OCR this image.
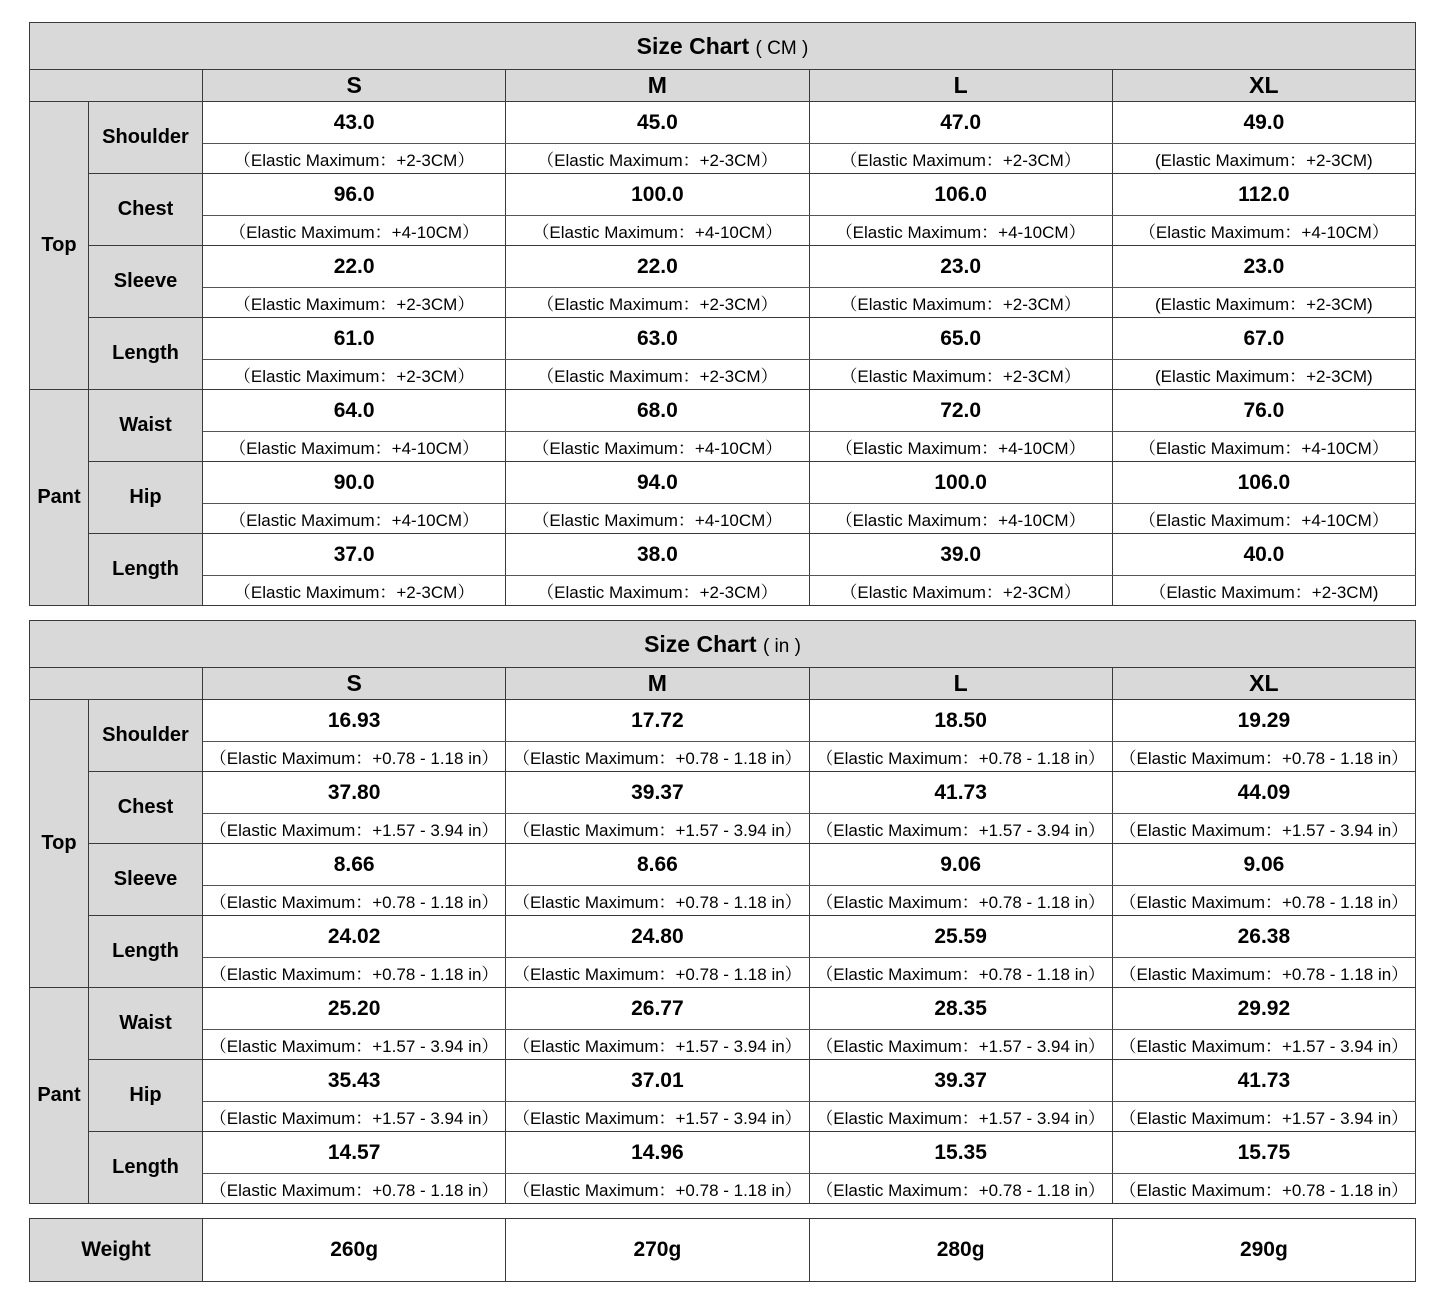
Size Chart ( CM )					
		S	M	L	XL
Top	Shoulder	43.0	45.0	47.0	49.0
		（Elastic Maximum：+2-3CM）	（Elastic Maximum：+2-3CM）	（Elastic Maximum：+2-3CM）	(Elastic Maximum：+2-3CM)
	Chest	96.0	100.0	106.0	112.0
		（Elastic Maximum：+4-10CM）	（Elastic Maximum：+4-10CM）	（Elastic Maximum：+4-10CM）	（Elastic Maximum：+4-10CM）
	Sleeve	22.0	22.0	23.0	23.0
		（Elastic Maximum：+2-3CM）	（Elastic Maximum：+2-3CM）	（Elastic Maximum：+2-3CM）	(Elastic Maximum：+2-3CM)
	Length	61.0	63.0	65.0	67.0
		（Elastic Maximum：+2-3CM）	（Elastic Maximum：+2-3CM）	（Elastic Maximum：+2-3CM）	(Elastic Maximum：+2-3CM)
Pant	Waist	64.0	68.0	72.0	76.0
		（Elastic Maximum：+4-10CM）	（Elastic Maximum：+4-10CM）	（Elastic Maximum：+4-10CM）	（Elastic Maximum：+4-10CM）
	Hip	90.0	94.0	100.0	106.0
		（Elastic Maximum：+4-10CM）	（Elastic Maximum：+4-10CM）	（Elastic Maximum：+4-10CM）	（Elastic Maximum：+4-10CM）
	Length	37.0	38.0	39.0	40.0
		（Elastic Maximum：+2-3CM）	（Elastic Maximum：+2-3CM）	（Elastic Maximum：+2-3CM）	（Elastic Maximum：+2-3CM)
Size Chart ( in )					
		S	M	L	XL
Top	Shoulder	16.93	17.72	18.50	19.29
		（Elastic Maximum：+0.78 - 1.18 in）	（Elastic Maximum：+0.78 - 1.18 in）	（Elastic Maximum：+0.78 - 1.18 in）	（Elastic Maximum：+0.78 - 1.18 in）
	Chest	37.80	39.37	41.73	44.09
		（Elastic Maximum：+1.57 - 3.94 in）	（Elastic Maximum：+1.57 - 3.94 in）	（Elastic Maximum：+1.57 - 3.94 in）	（Elastic Maximum：+1.57 - 3.94 in）
	Sleeve	8.66	8.66	9.06	9.06
		（Elastic Maximum：+0.78 - 1.18 in）	（Elastic Maximum：+0.78 - 1.18 in）	（Elastic Maximum：+0.78 - 1.18 in）	（Elastic Maximum：+0.78 - 1.18 in）
	Length	24.02	24.80	25.59	26.38
		（Elastic Maximum：+0.78 - 1.18 in）	（Elastic Maximum：+0.78 - 1.18 in）	（Elastic Maximum：+0.78 - 1.18 in）	（Elastic Maximum：+0.78 - 1.18 in）
Pant	Waist	25.20	26.77	28.35	29.92
		（Elastic Maximum：+1.57 - 3.94 in）	（Elastic Maximum：+1.57 - 3.94 in）	（Elastic Maximum：+1.57 - 3.94 in）	（Elastic Maximum：+1.57 - 3.94 in）
	Hip	35.43	37.01	39.37	41.73
		（Elastic Maximum：+1.57 - 3.94 in）	（Elastic Maximum：+1.57 - 3.94 in）	（Elastic Maximum：+1.57 - 3.94 in）	（Elastic Maximum：+1.57 - 3.94 in）
	Length	14.57	14.96	15.35	15.75
		（Elastic Maximum：+0.78 - 1.18 in）	（Elastic Maximum：+0.78 - 1.18 in）	（Elastic Maximum：+0.78 - 1.18 in）	（Elastic Maximum：+0.78 - 1.18 in）
Weight	260g	270g	280g	290g
